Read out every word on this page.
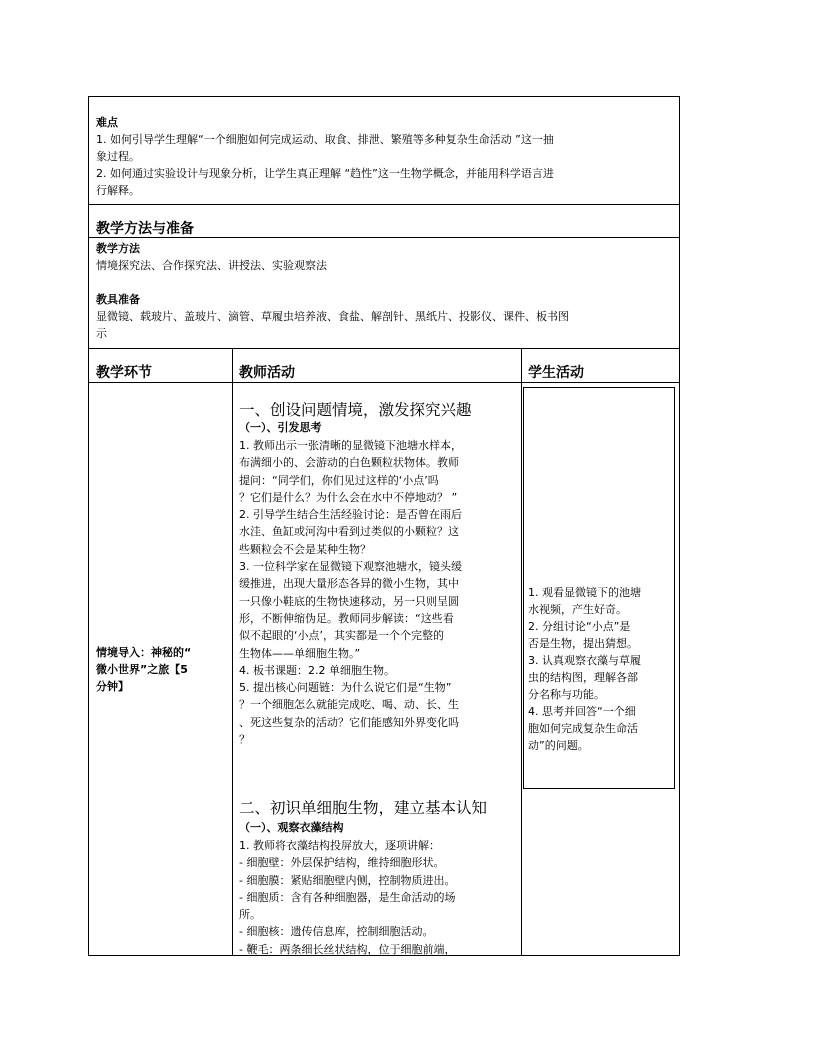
难点
1. 如何引导学生理解“一个细胞如何完成运动、取食、排泄、繁殖等多种复杂生命活动 ”这一抽
象过程。
2. 如何通过实验设计与现象分析，让学生真正理解 “趋性”这一生物学概念，并能用科学语言进
行解释。
教学方法与准备
教学方法
情境探究法、合作探究法、讲授法、实验观察法
教具准备
显微镜、载玻片、盖玻片、滴管、草履虫培养液、食盐、解剖针、黑纸片、投影仪、课件、板书图
示
教学环节	教师活动	学生活动
情境导入：神秘的“
微小世界”之旅【5
分钟】
一、创设问题情境，激发探究兴趣
（一）、引发思考
1. 教师出示一张清晰的显微镜下池塘水样本，
布满细小的、会游动的白色颗粒状物体。教师
提问：“同学们，你们见过这样的‘小点’吗
？它们是什么？为什么会在水中不停地动？ ”
2. 引导学生结合生活经验讨论：是否曾在雨后
水洼、鱼缸或河沟中看到过类似的小颗粒？这
些颗粒会不会是某种生物？
3. 一位科学家在显微镜下观察池塘水，镜头缓
缓推进，出现大量形态各异的微小生物，其中
一只像小鞋底的生物快速移动，另一只则呈圆
形，不断伸缩伪足。教师同步解读：“这些看
似不起眼的‘小点’，其实都是一个个完整的
生物体——单细胞生物。”
4. 板书课题：2.2 单细胞生物。
5. 提出核心问题链：为什么说它们是“生物”
？一个细胞怎么就能完成吃、喝、动、长、生
、死这些复杂的活动？它们能感知外界变化吗
？
二、初识单细胞生物，建立基本认知
（一）、观察衣藻结构
1. 教师将衣藻结构投屏放大，逐项讲解：
- 细胞壁：外层保护结构，维持细胞形状。
- 细胞膜：紧贴细胞壁内侧，控制物质进出。
- 细胞质：含有各种细胞器，是生命活动的场
所。
- 细胞核：遗传信息库，控制细胞活动。
- 鞭毛：两条细长丝状结构，位于细胞前端，
1. 观看显微镜下的池塘
水视频，产生好奇。
2. 分组讨论“小点”是
否是生物，提出猜想。
3. 认真观察衣藻与草履
虫的结构图，理解各部
分名称与功能。
4. 思考并回答“一个细
胞如何完成复杂生命活
动”的问题。
